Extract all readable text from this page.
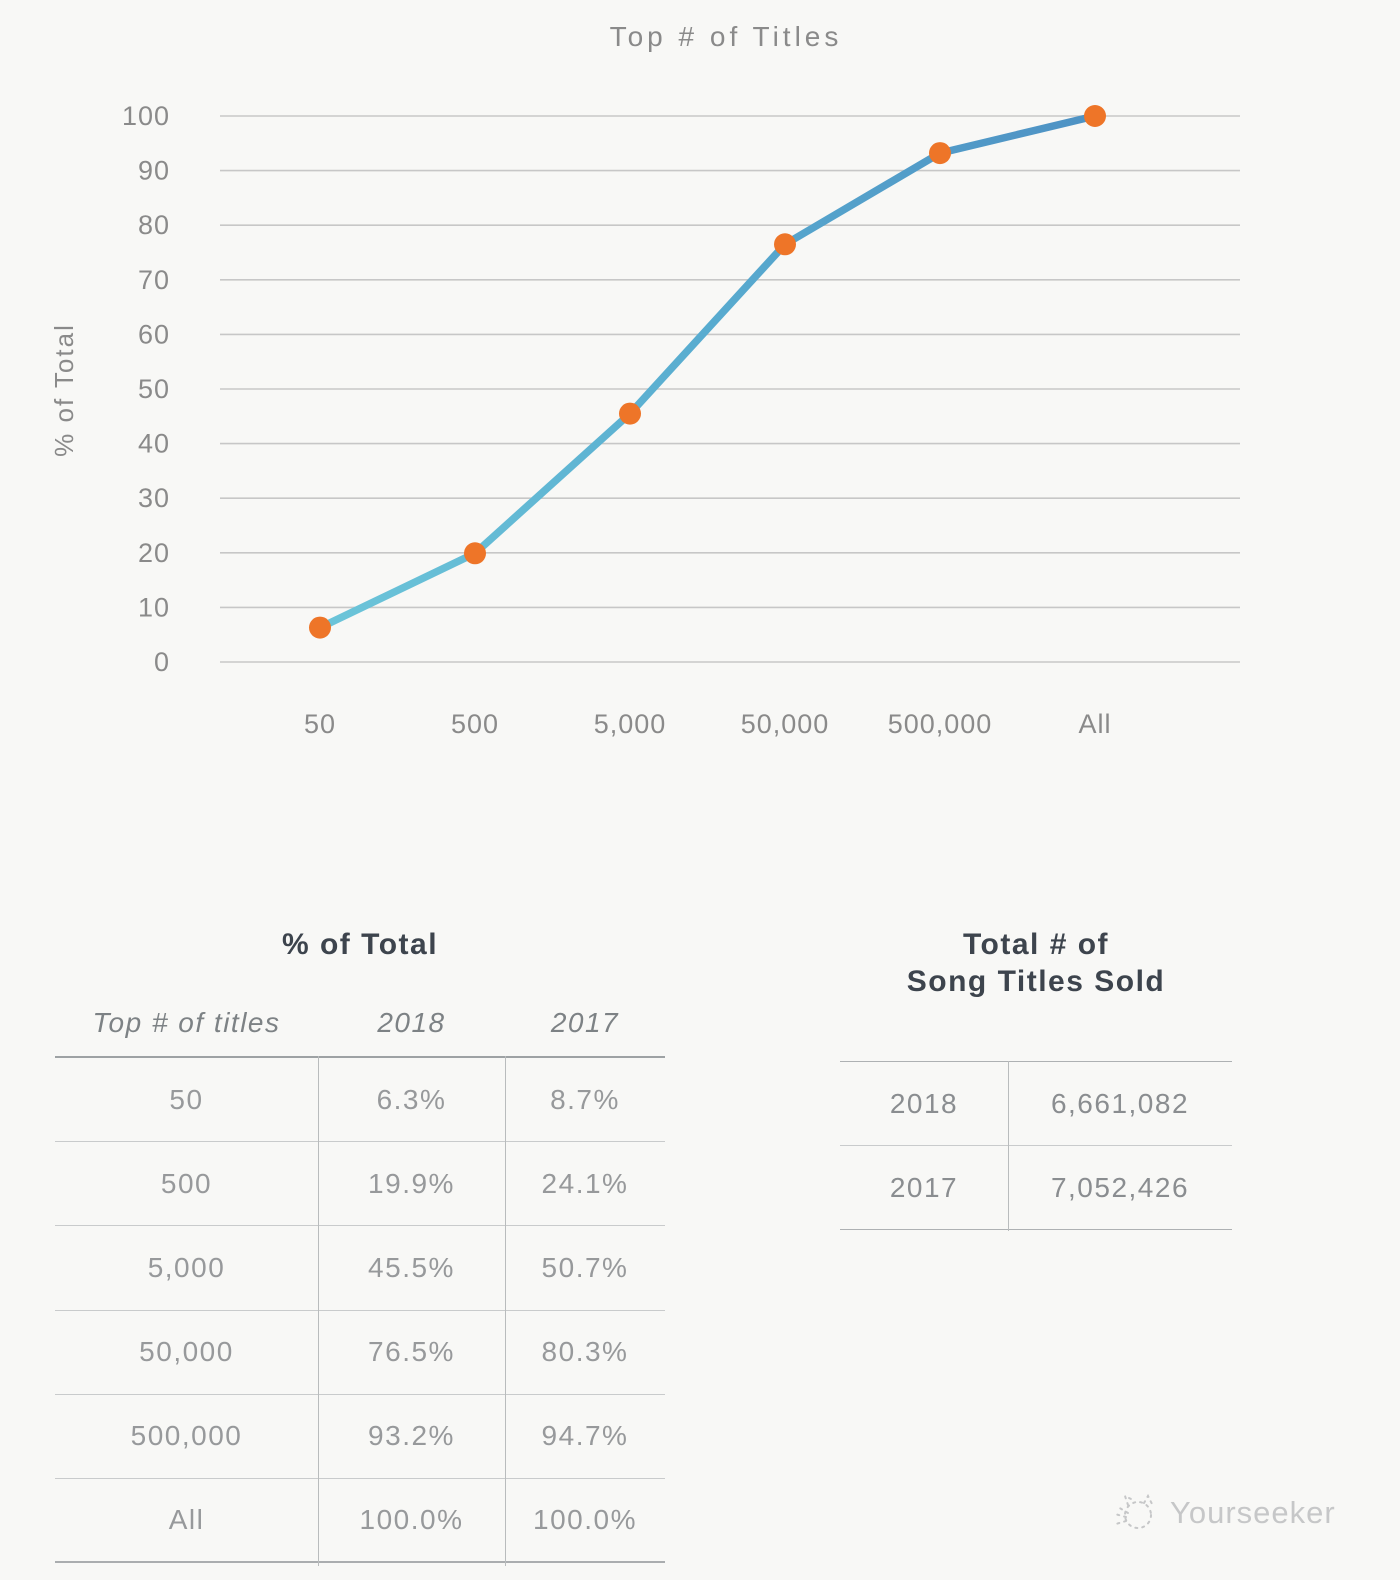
Top # of Titles
% of Total
0
10
20
30
40
50
60
70
80
90
100
50	500	5,000	50,000 500,000	All
% of Total
Top # of titles	2018	2017
50	6.3%	8.7%
500	19.9%	24.1%
5,000	45.5%	50.7%
50,000	76.5%	80.3%
500,000	93.2%	94.7%
All	100.0% 100.0%
Total # of
Song Titles Sold
2018	6,661,082
2017	7,052,426
Yourseeker
